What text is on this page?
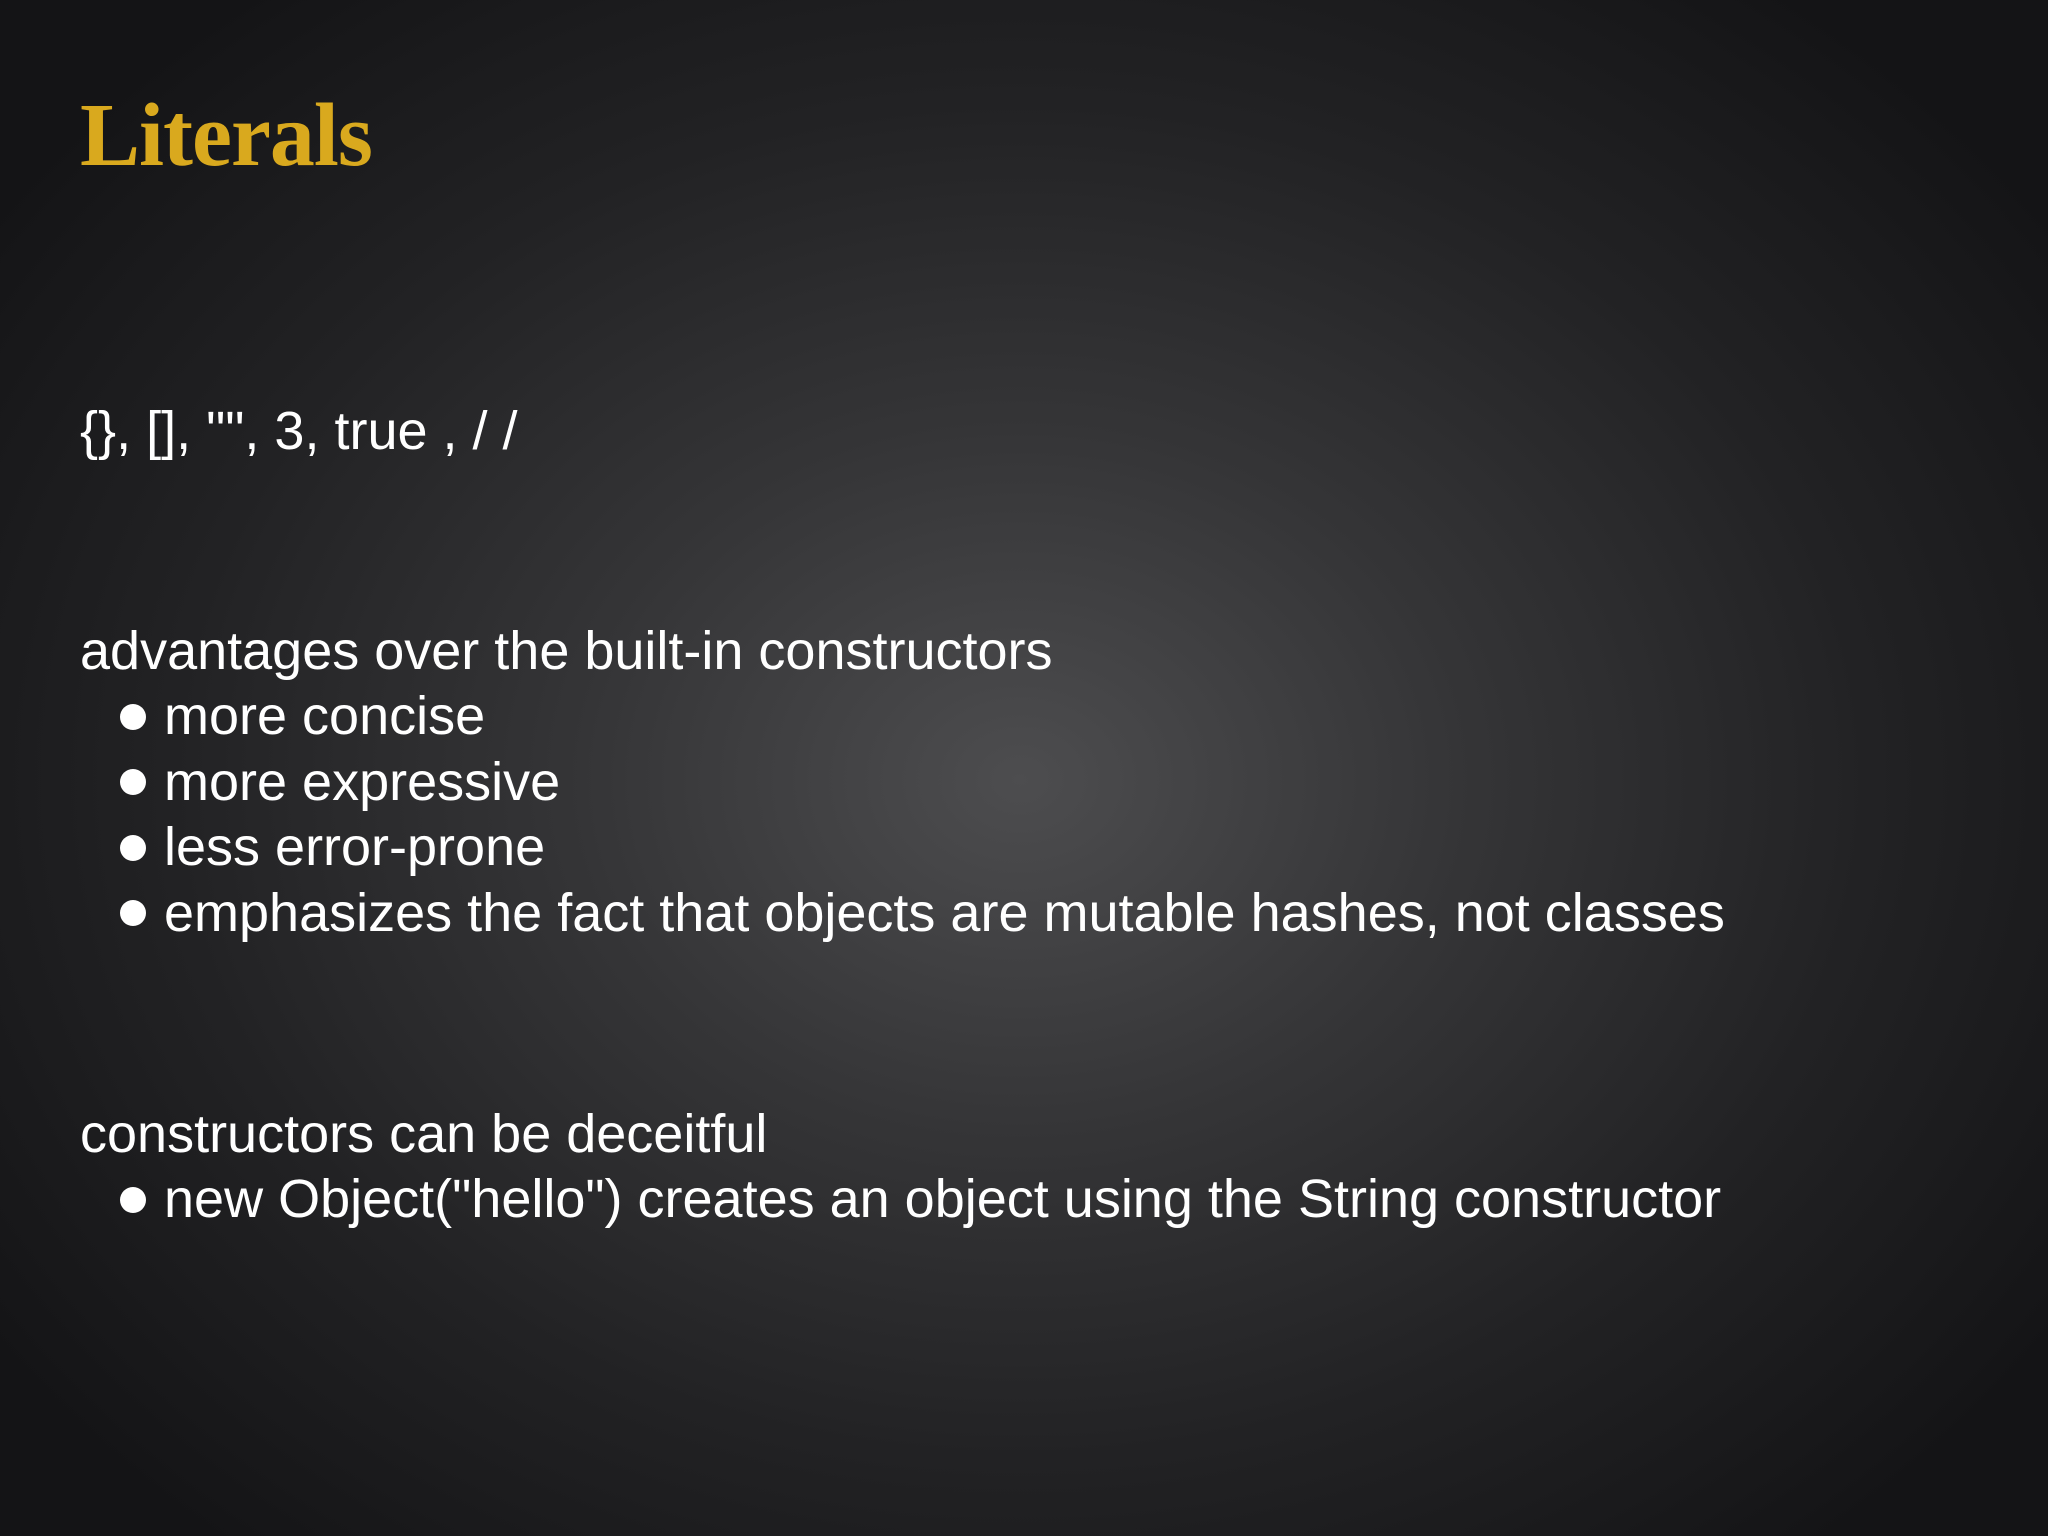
Literals

{}, [], "", 3, true , / /

advantages over the built-in constructors

more concise
more expressive
less error-prone
emphasizes the fact that objects are mutable hashes, not classes

constructors can be deceitful

new Object("hello") creates an object using the String constructor
